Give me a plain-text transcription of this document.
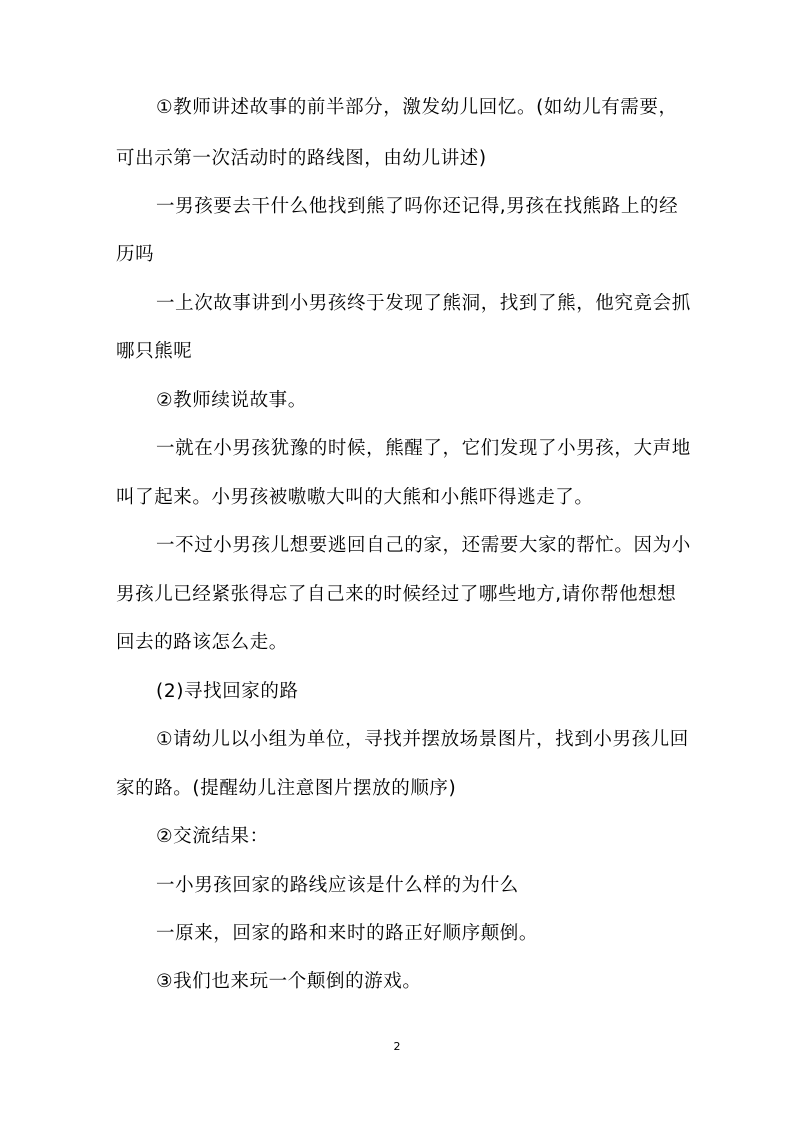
①教师讲述故事的前半部分，激发幼儿回忆。(如幼儿有需要，
可出示第一次活动时的路线图，由幼儿讲述)
一男孩要去干什么他找到熊了吗你还记得,男孩在找熊路上的经
历吗
一上次故事讲到小男孩终于发现了熊洞，找到了熊，他究竟会抓
哪只熊呢
②教师续说故事。
一就在小男孩犹豫的时候，熊醒了，它们发现了小男孩，大声地
叫了起来。小男孩被嗷嗷大叫的大熊和小熊吓得逃走了。
一不过小男孩儿想要逃回自己的家，还需要大家的帮忙。因为小
男孩儿已经紧张得忘了自己来的时候经过了哪些地方,请你帮他想想
回去的路该怎么走。
(2)寻找回家的路
①请幼儿以小组为单位，寻找并摆放场景图片，找到小男孩儿回
家的路。(提醒幼儿注意图片摆放的顺序)
②交流结果：
一小男孩回家的路线应该是什么样的为什么
一原来，回家的路和来时的路正好顺序颠倒。
③我们也来玩一个颠倒的游戏。
2
